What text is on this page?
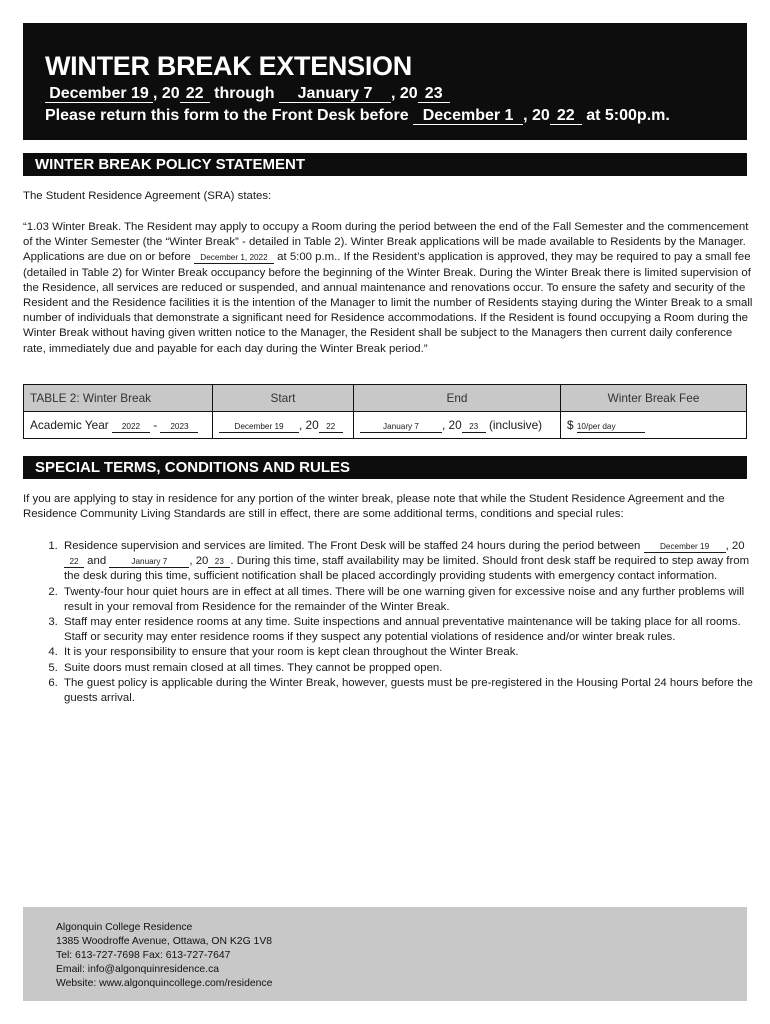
WINTER BREAK EXTENSION
December 19 , 20 22 through January 7 , 20 23
Please return this form to the Front Desk before December 1 , 20 22 at 5:00p.m.
WINTER BREAK POLICY STATEMENT
The Student Residence Agreement (SRA) states:
“1.03 Winter Break. The Resident may apply to occupy a Room during the period between the end of the Fall Semester and the commencement of the Winter Semester (the “Winter Break” - detailed in Table 2). Winter Break applications will be made available to Residents by the Manager. Applications are due on or before December 1, 2022 at 5:00 p.m.. If the Resident’s application is approved, they may be required to pay a small fee (detailed in Table 2) for Winter Break occupancy before the beginning of the Winter Break. During the Winter Break there is limited supervision of the Residence, all services are reduced or suspended, and annual maintenance and renovations occur. To ensure the safety and security of the Resident and the Residence facilities it is the intention of the Manager to limit the number of Residents staying during the Winter Break to a small number of individuals that demonstrate a significant need for Residence accommodations. If the Resident is found occupying a Room during the Winter Break without having given written notice to the Manager, the Resident shall be subject to the Managers then current daily conference rate, immediately due and payable for each day during the Winter Break period.”
TABLE 2: Winter Break	Start	End	Winter Break Fee
Academic Year 2022 - 2023	December 19 , 20 22	January 7 , 20 23 (inclusive)	$ 10/per day
SPECIAL TERMS, CONDITIONS AND RULES
If you are applying to stay in residence for any portion of the winter break, please note that while the Student Residence Agreement and the Residence Community Living Standards are still in effect, there are some additional terms, conditions and special rules:
1. Residence supervision and services are limited. The Front Desk will be staffed 24 hours during the period between December 19 , 2022 and	January 7 , 20 23 . During this time, staff availability may be limited. Should front desk staff be required to step away from the desk during this time, sufficient notification shall be placed accordingly providing students with emergency contact information.
2. Twenty-four hour quiet hours are in effect at all times. There will be one warning given for excessive noise and any further problems will result in your removal from Residence for the remainder of the Winter Break.
3. Staff may enter residence rooms at any time. Suite inspections and annual preventative maintenance will be taking place for all rooms. Staff or security may enter residence rooms if they suspect any potential violations of residence and/or winter break rules.
4. It is your responsibility to ensure that your room is kept clean throughout the Winter Break.
5. Suite doors must remain closed at all times. They cannot be propped open.
6. The guest policy is applicable during the Winter Break, however, guests must be pre-registered in the Housing Portal 24 hours before the guests arrival.
Algonquin College Residence
1385 Woodroffe Avenue, Ottawa, ON K2G 1V8
Tel: 613-727-7698 Fax: 613-727-7647
Email: info@algonquinresidence.ca
Website: www.algonquincollege.com/residence
